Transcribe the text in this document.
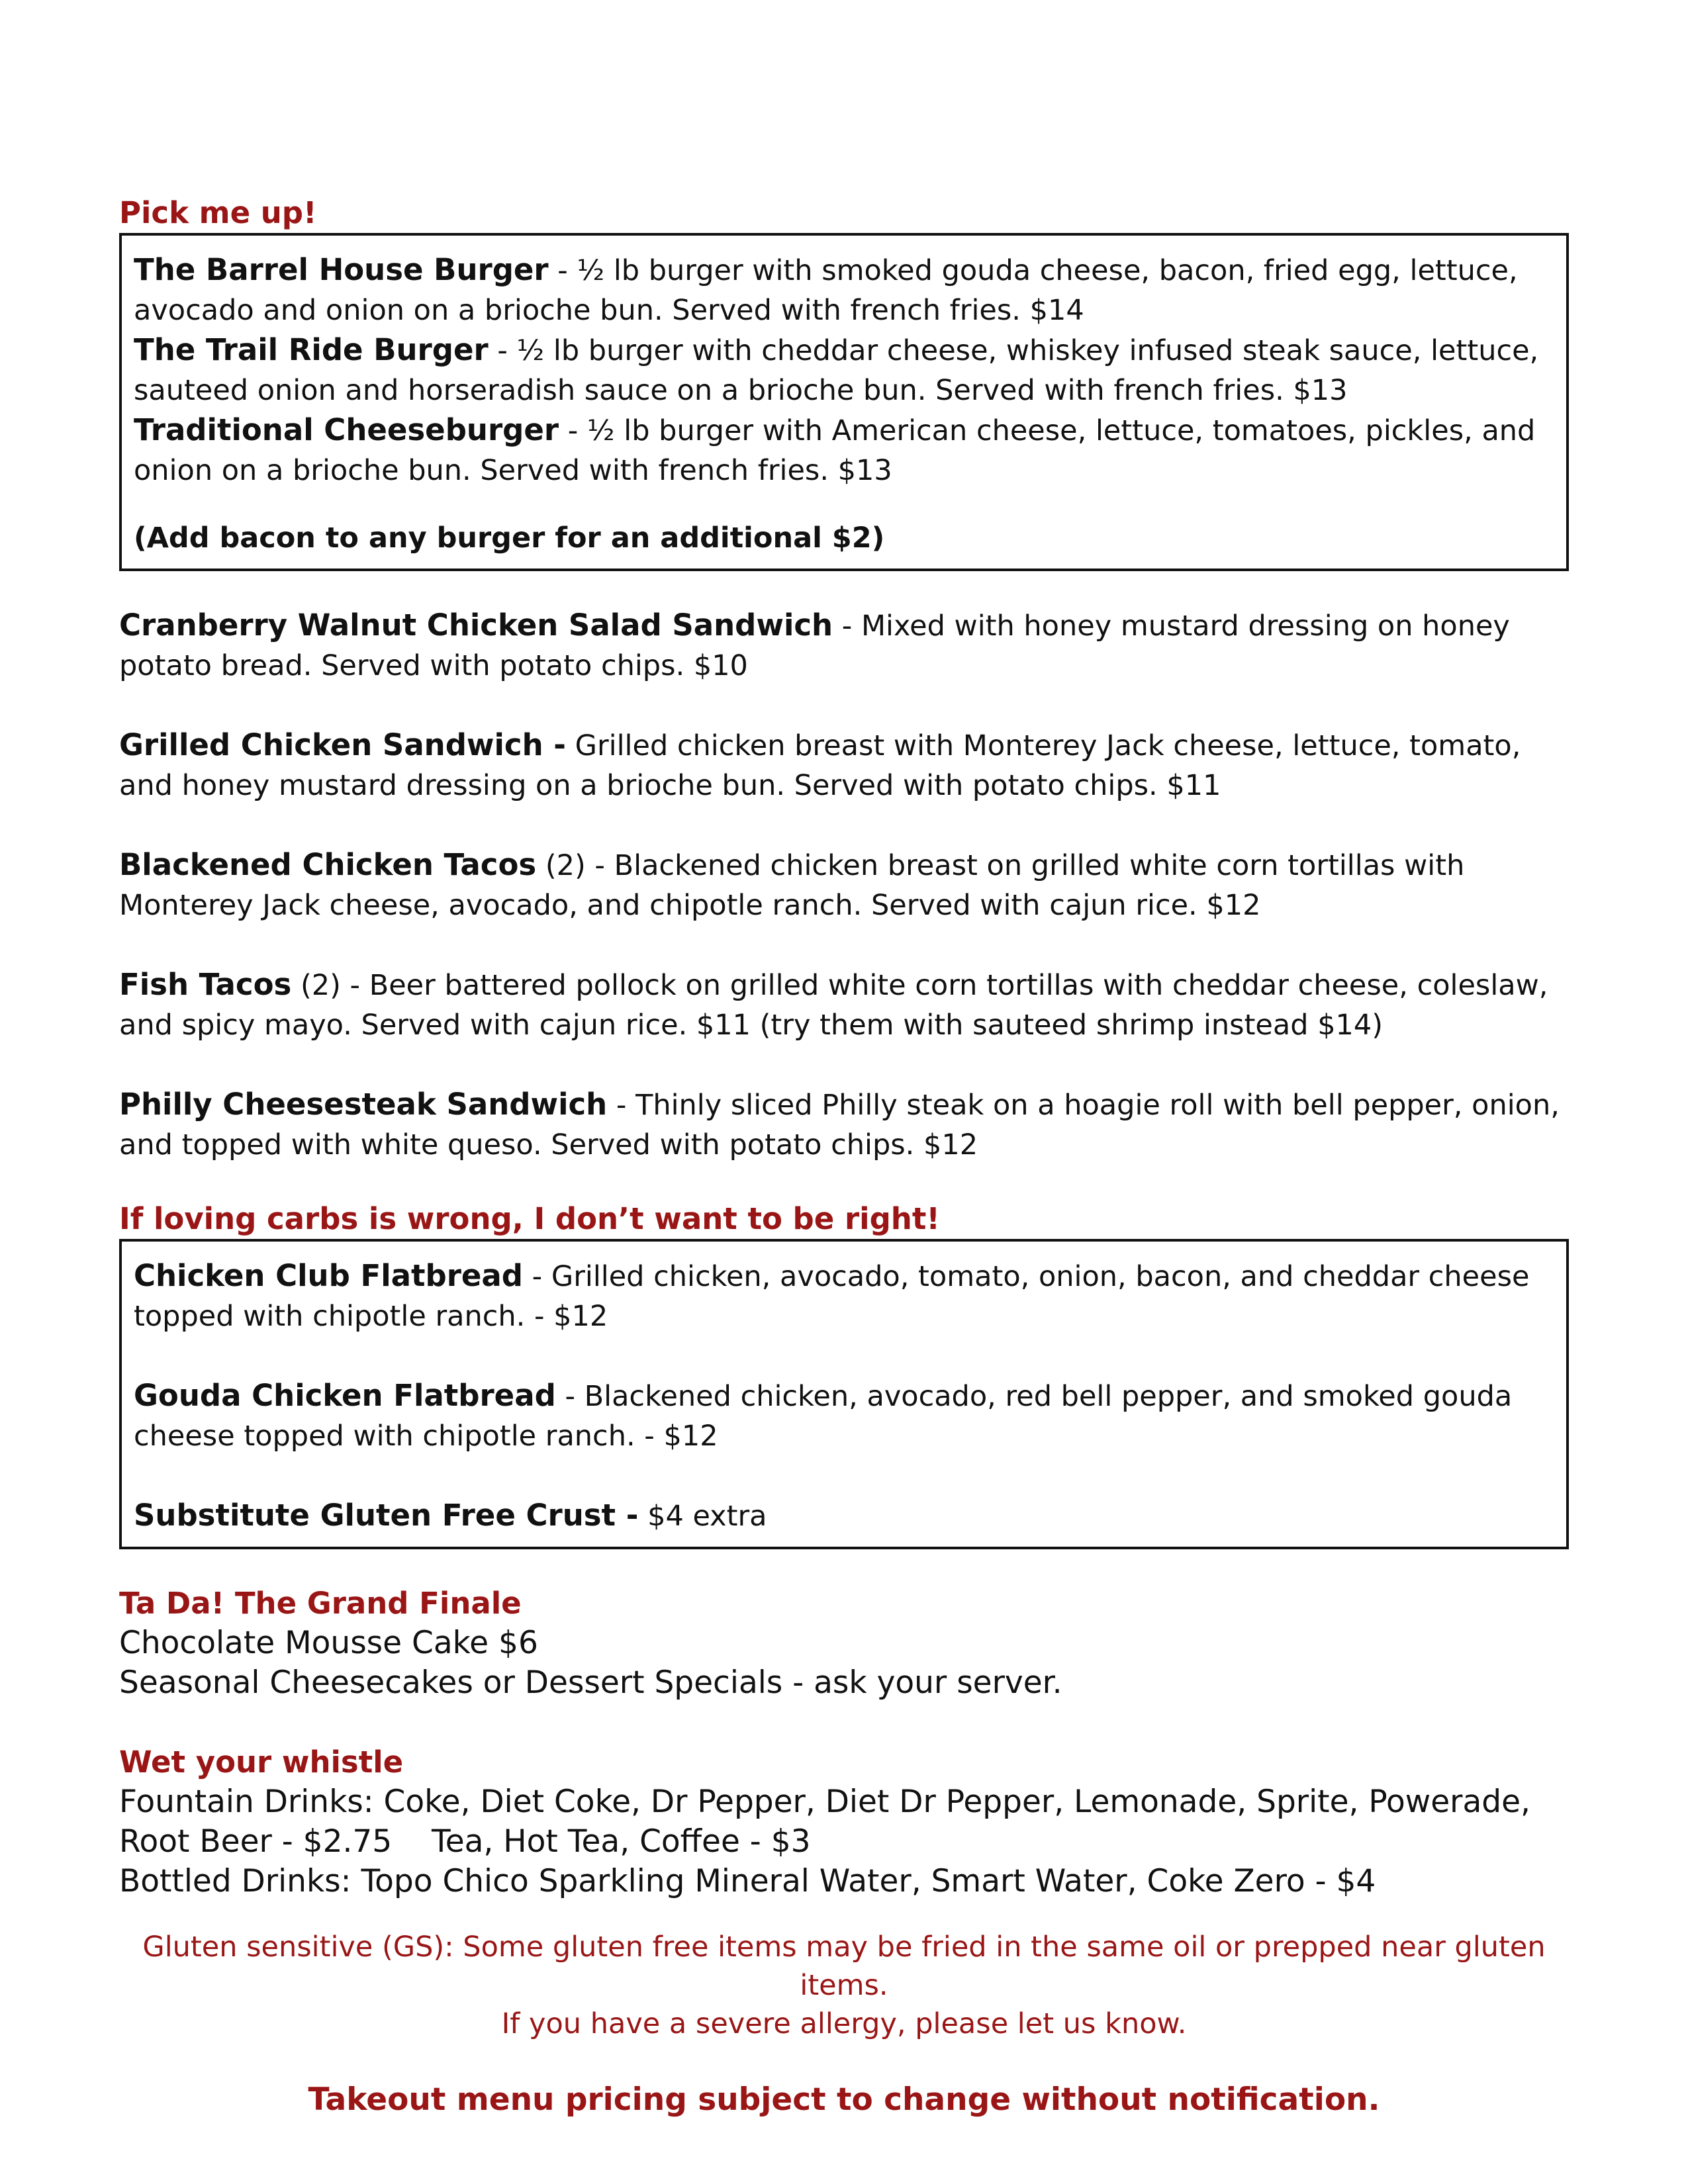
Pick me up!

The Barrel House Burger - ½ lb burger with smoked gouda cheese, bacon, fried egg, lettuce, avocado and onion on a brioche bun. Served with french fries. $14

The Trail Ride Burger - ½ lb burger with cheddar cheese, whiskey infused steak sauce, lettuce, sauteed onion and horseradish sauce on a brioche bun. Served with french fries. $13

Traditional Cheeseburger - ½ lb burger with American cheese, lettuce, tomatoes, pickles, and onion on a brioche bun. Served with french fries. $13

(Add bacon to any burger for an additional $2)

Cranberry Walnut Chicken Salad Sandwich - Mixed with honey mustard dressing on honey potato bread. Served with potato chips. $10

Grilled Chicken Sandwich - Grilled chicken breast with Monterey Jack cheese, lettuce, tomato, and honey mustard dressing on a brioche bun. Served with potato chips. $11

Blackened Chicken Tacos (2) - Blackened chicken breast on grilled white corn tortillas with Monterey Jack cheese, avocado, and chipotle ranch. Served with cajun rice. $12

Fish Tacos (2) - Beer battered pollock on grilled white corn tortillas with cheddar cheese, coleslaw, and spicy mayo. Served with cajun rice. $11 (try them with sauteed shrimp instead $14)

Philly Cheesesteak Sandwich - Thinly sliced Philly steak on a hoagie roll with bell pepper, onion, and topped with white queso. Served with potato chips. $12

If loving carbs is wrong, I don’t want to be right!

Chicken Club Flatbread - Grilled chicken, avocado, tomato, onion, bacon, and cheddar cheese topped with chipotle ranch. - $12

Gouda Chicken Flatbread - Blackened chicken, avocado, red bell pepper, and smoked gouda cheese topped with chipotle ranch. - $12

Substitute Gluten Free Crust - $4 extra

Ta Da! The Grand Finale

Chocolate Mousse Cake $6

Seasonal Cheesecakes or Dessert Specials - ask your server.

Wet your whistle

Fountain Drinks: Coke, Diet Coke, Dr Pepper, Diet Dr Pepper, Lemonade, Sprite, Powerade,

Root Beer - $2.75    Tea, Hot Tea, Coffee - $3

Bottled Drinks: Topo Chico Sparkling Mineral Water, Smart Water, Coke Zero - $4

Gluten sensitive (GS): Some gluten free items may be fried in the same oil or prepped near gluten items.

If you have a severe allergy, please let us know.

Takeout menu pricing subject to change without notification.
